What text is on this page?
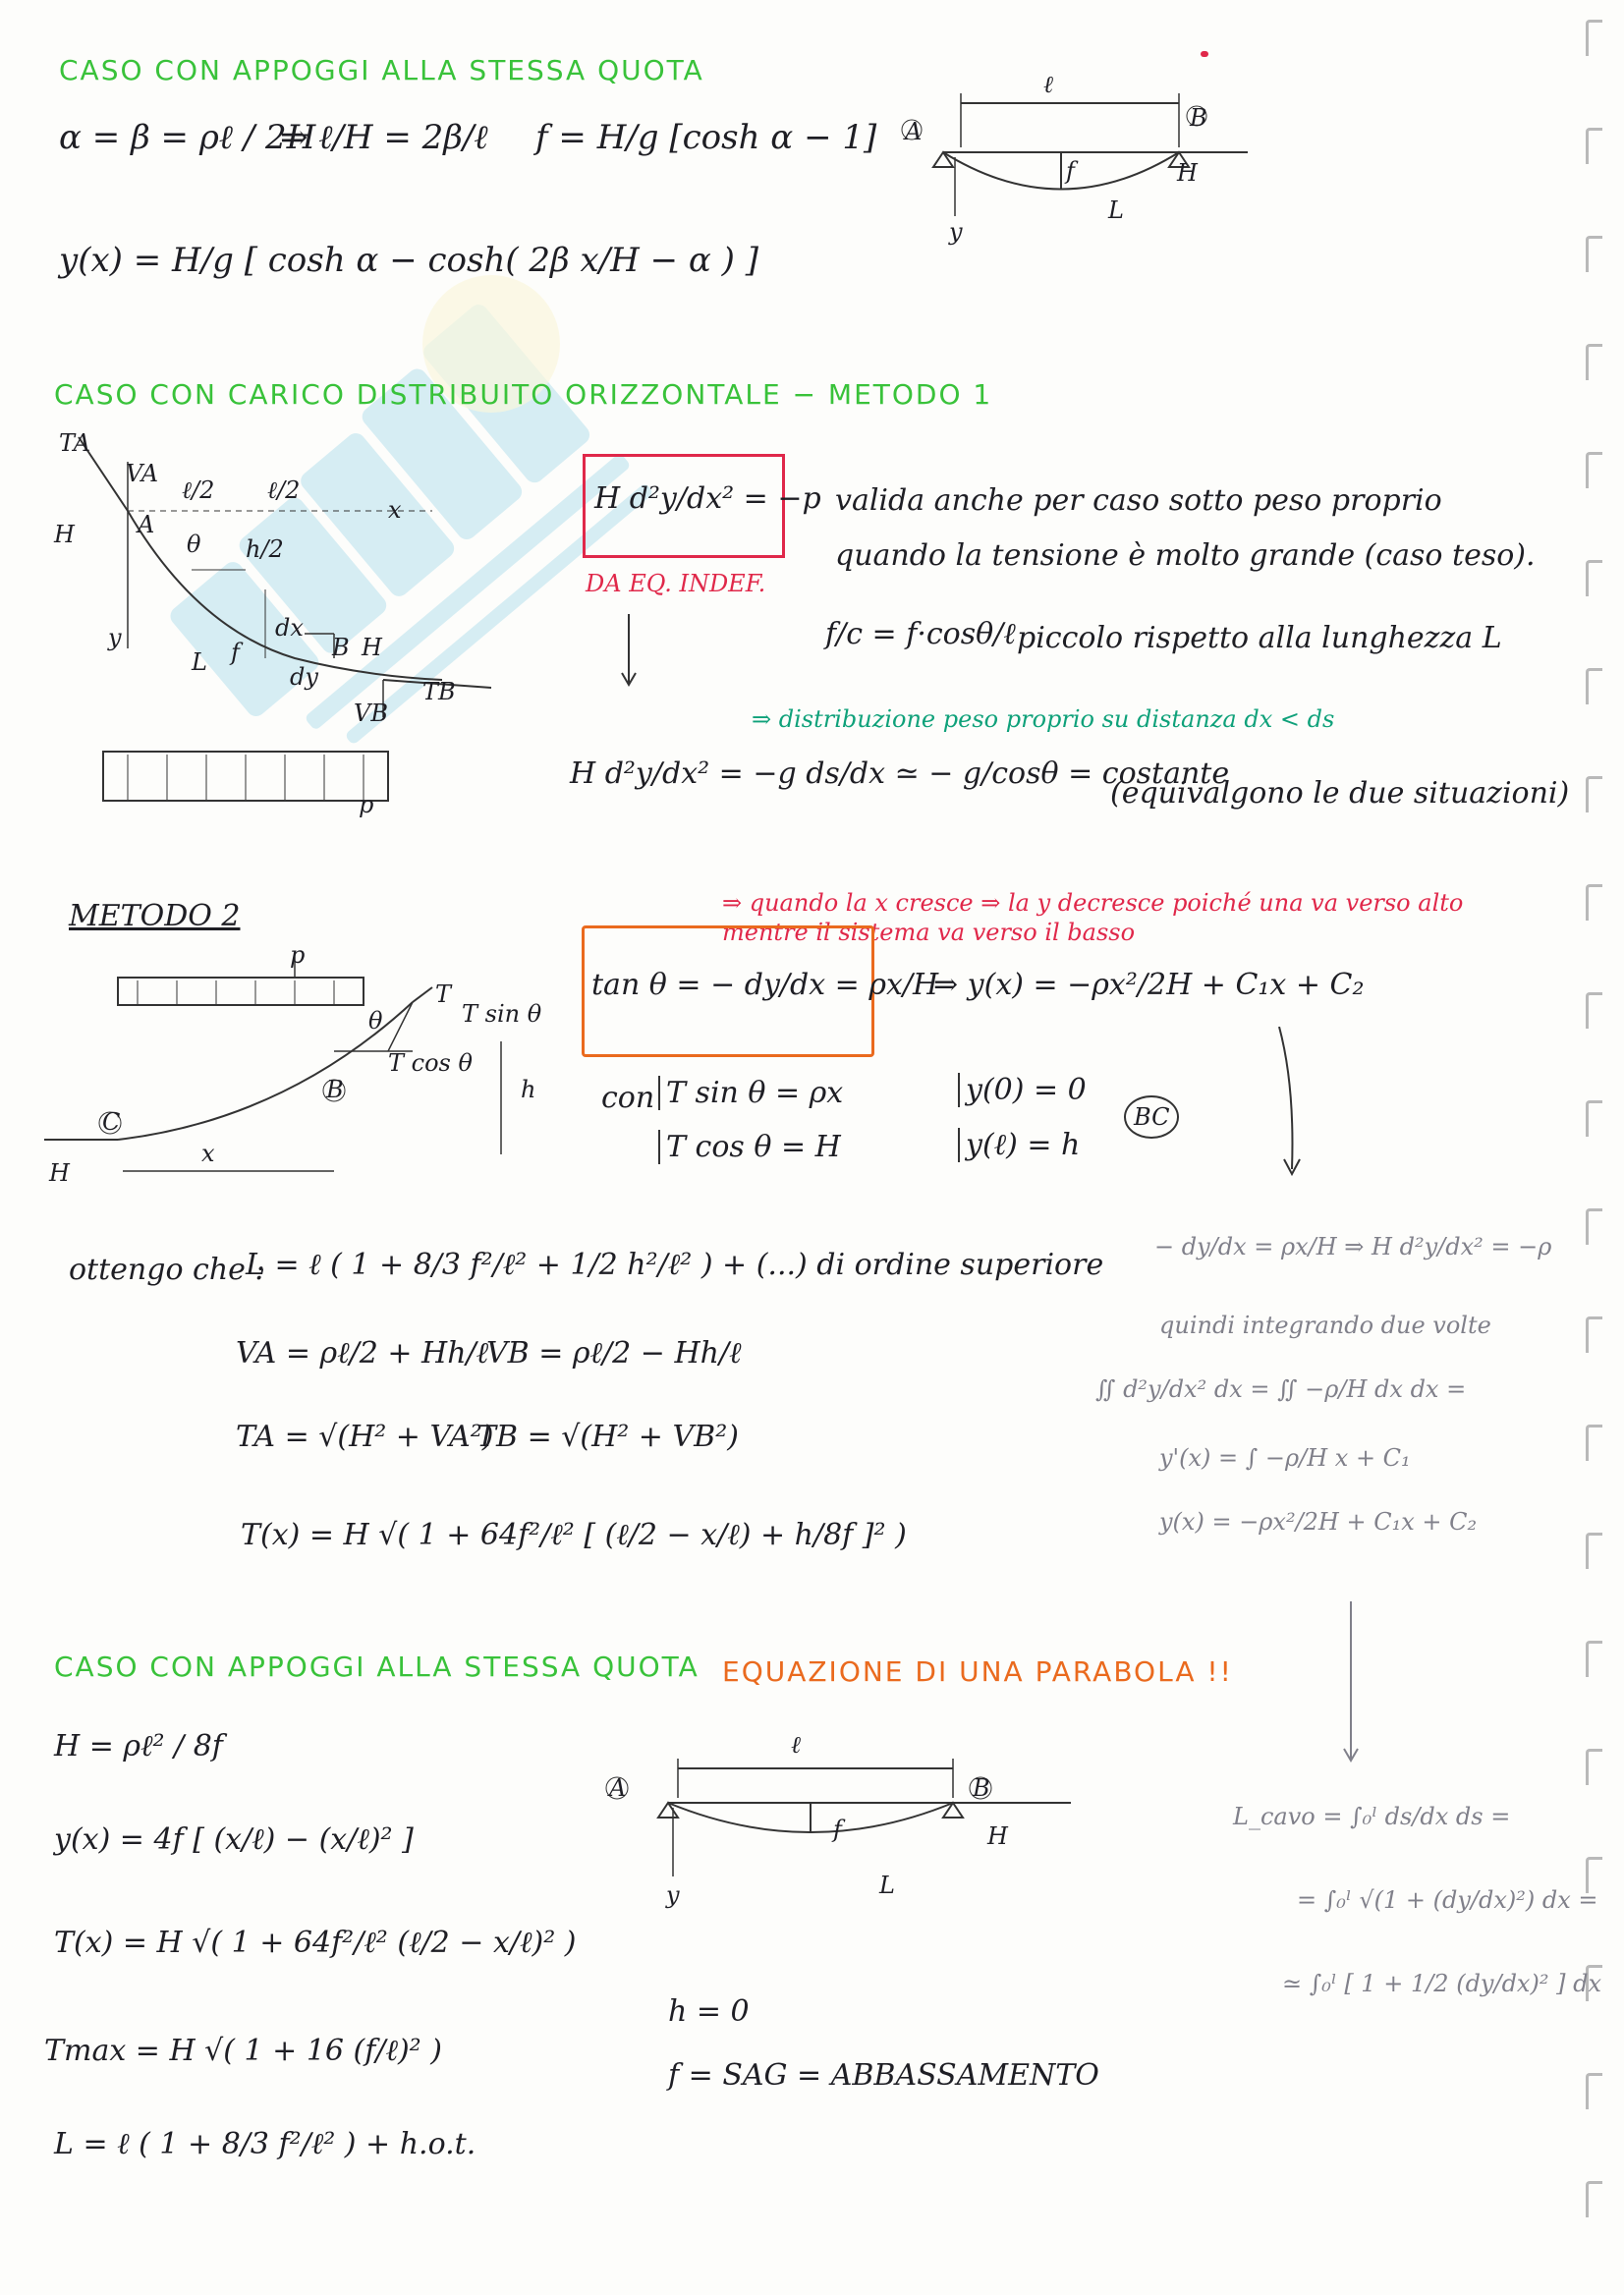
CASO CON APPOGGI ALLA STESSA QUOTA
α = β = ρℓ / 2H
⇒ ℓ/H = 2β/ℓ f = H/g [cosh α − 1]
y(x) = H/g [ cosh α − cosh( 2β x/H − α ) ]
A	B
ℓ
f
L
H
y
CASO CON CARICO DISTRIBUITO ORIZZONTALE − METODO 1
TA
VA
H	A
ℓ/2 ℓ/2
h/2
θ
x
y
L f
dx
dy
B H
TB
VB
p
H d²y/dx² = −p
DA EQ. INDEF.
valida anche per caso sotto peso proprio
quando la tensione è molto grande (caso teso).
f/c = f·cosθ/ℓ piccolo rispetto alla lunghezza L
⇒ distribuzione peso proprio su distanza dx < ds
H d²y/dx² = −g ds/dx ≃ − g/cosθ = costante
(equivalgono le due situazioni)
METODO 2
p
T
T sin θ
T cos θ
θ
C
B
x
h
H
⇒ quando la x cresce ⇒ la y decresce poiché una va verso alto
mentre il sistema va verso il basso
tan θ = − dy/dx = ρx/H
⇒ y(x) = −ρx²/2H + C₁x + C₂
con T sin θ = ρx
T cos θ = H
y(0) = 0
y(ℓ) = h
BC
ottengo che :
L = ℓ ( 1 + 8/3 f²/ℓ² + 1/2 h²/ℓ² ) + (...) di ordine superiore
VA = ρℓ/2 + Hh/ℓ
VB = ρℓ/2 − Hh/ℓ
TA = √(H² + VA²)
TB = √(H² + VB²)
T(x) = H √( 1 + 64f²/ℓ² [ (ℓ/2 − x/ℓ) + h/8f ]² )
− dy/dx = ρx/H ⇒ H d²y/dx² = −ρ
quindi integrando due volte
∬ d²y/dx² dx = ∬ −ρ/H dx dx =
y'(x) = ∫ −ρ/H x + C₁
y(x) = −ρx²/2H + C₁x + C₂
L_cavo = ∫₀ˡ ds/dx ds =
= ∫₀ˡ √(1 + (dy/dx)²) dx =
≃ ∫₀ˡ [ 1 + 1/2 (dy/dx)² ] dx
CASO CON APPOGGI ALLA STESSA QUOTA EQUAZIONE DI UNA PARABOLA !!
H = ρℓ² / 8f
y(x) = 4f [ (x/ℓ) − (x/ℓ)² ]
T(x) = H √( 1 + 64f²/ℓ² (ℓ/2 − x/ℓ)² )
Tmax = H √( 1 + 16 (f/ℓ)² )
L = ℓ ( 1 + 8/3 f²/ℓ² ) + h.o.t.
A	B
ℓ
f
L
H
y
h = 0
f = SAG = ABBASSAMENTO
